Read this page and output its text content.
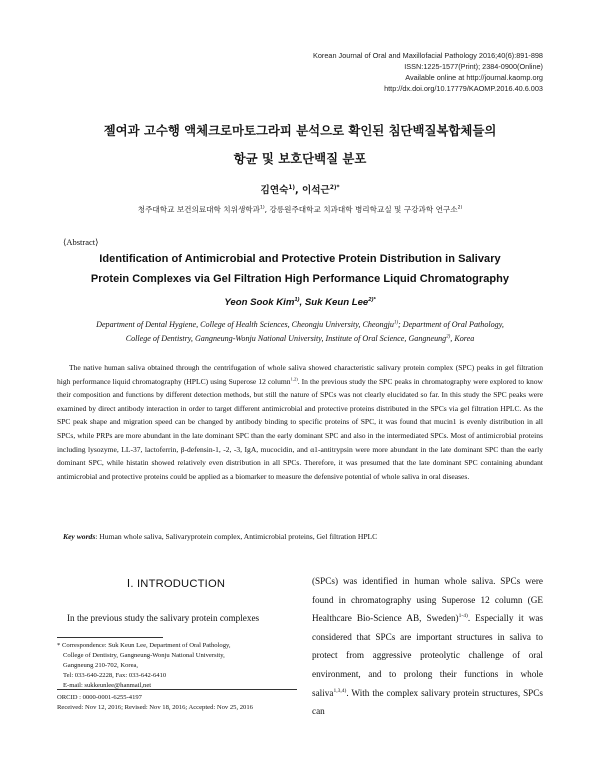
Korean Journal of Oral and Maxillofacial Pathology 2016;40(6):891-898
ISSN:1225-1577(Print); 2384-0900(Online)
Available online at http://journal.kaomp.org
http://dx.doi.org/10.17779/KAOMP.2016.40.6.003
젤여과 고수행 액체크로마토그라피 분석으로 확인된 침단백질복합체들의
항균 및 보호단백질 분포
김연숙$^{1)}$, 이석근$^{2)*}$
청주대학교 보건의료대학 치위생학과$^{1)}$, 강릉원주대학교 치과대학 병리학교실 및 구강과학 연구소$^{2)}$
⟨Abstract⟩
Identification of Antimicrobial and Protective Protein Distribution in Salivary
Protein Complexes via Gel Filtration High Performance Liquid Chromatography
Yeon Sook Kim$^{1)}$, Suk Keun Lee$^{2)*}$
Department of Dental Hygiene, College of Health Sciences, Cheongju University, Cheongju$^{1)}$; Department of Oral Pathology,
College of Dentistry, Gangneung-Wonju National University, Institute of Oral Science, Gangneung$^{2)}$, Korea
The native human saliva obtained through the centrifugation of whole saliva showed characteristic salivary protein complex (SPC) peaks in gel filtration high performance liquid chromatography (HPLC) using Superose 12 column$^{1,2)}$. In the previous study the SPC peaks in chromatography were explored to know their composition and functions by different detection methods, but still the nature of SPCs was not clearly elucidated so far. In this study the SPC peaks were examined by direct antibody interaction in order to target different antimicrobial and protective proteins distributed in the SPCs via gel filtration HPLC. As the SPC peak shape and migration speed can be changed by antibody binding to specific proteins of SPC, it was found that mucin1 is evenly distribution in all SPCs, while PRPs are more abundant in the late dominant SPC than the early dominant SPC and also in the intermediated SPCs. Most of antimicrobial proteins including lysozyme, LL-37, lactoferrin, β-defensin-1, -2, -3, IgA, mucocidin, and α1-antitrypsin were more abundant in the late dominant SPC than the early dominant SPC, while histatin showed relatively even distribution in all SPCs. Therefore, it was presumed that the late dominant SPC containing abundant antimicrobial and protective proteins could be applied as a biomarker to measure the defensive potential of whole saliva in oral diseases.
Key words: Human whole saliva, Salivaryprotein complex, Antimicrobial proteins, Gel filtration HPLC
Ⅰ. INTRODUCTION
In the previous study the salivary protein complexes
* Correspondence: Suk Keun Lee, Department of Oral Pathology,
College of Dentistry, Gangneung-Wonju National University,
Gangneung 210-702, Korea,
Tel: 033-640-2228, Fax: 033-642-6410
E-mail: sukkeunlee@hanmail,net
ORCID : 0000-0001-6255-4197
Received: Nov 12, 2016; Revised: Nov 18, 2016; Accepted: Nov 25, 2016
(SPCs) was identified in human whole saliva. SPCs were found in chromatography using Superose 12 column (GE Healthcare Bio-Science AB, Sweden)$^{1-4)}$. Especially it was considered that SPCs are important structures in saliva to protect from aggressive proteolytic challenge of oral environment, and to prolong their functions in whole saliva$^{1,3,4)}$. With the complex salivary protein structures, SPCs can
